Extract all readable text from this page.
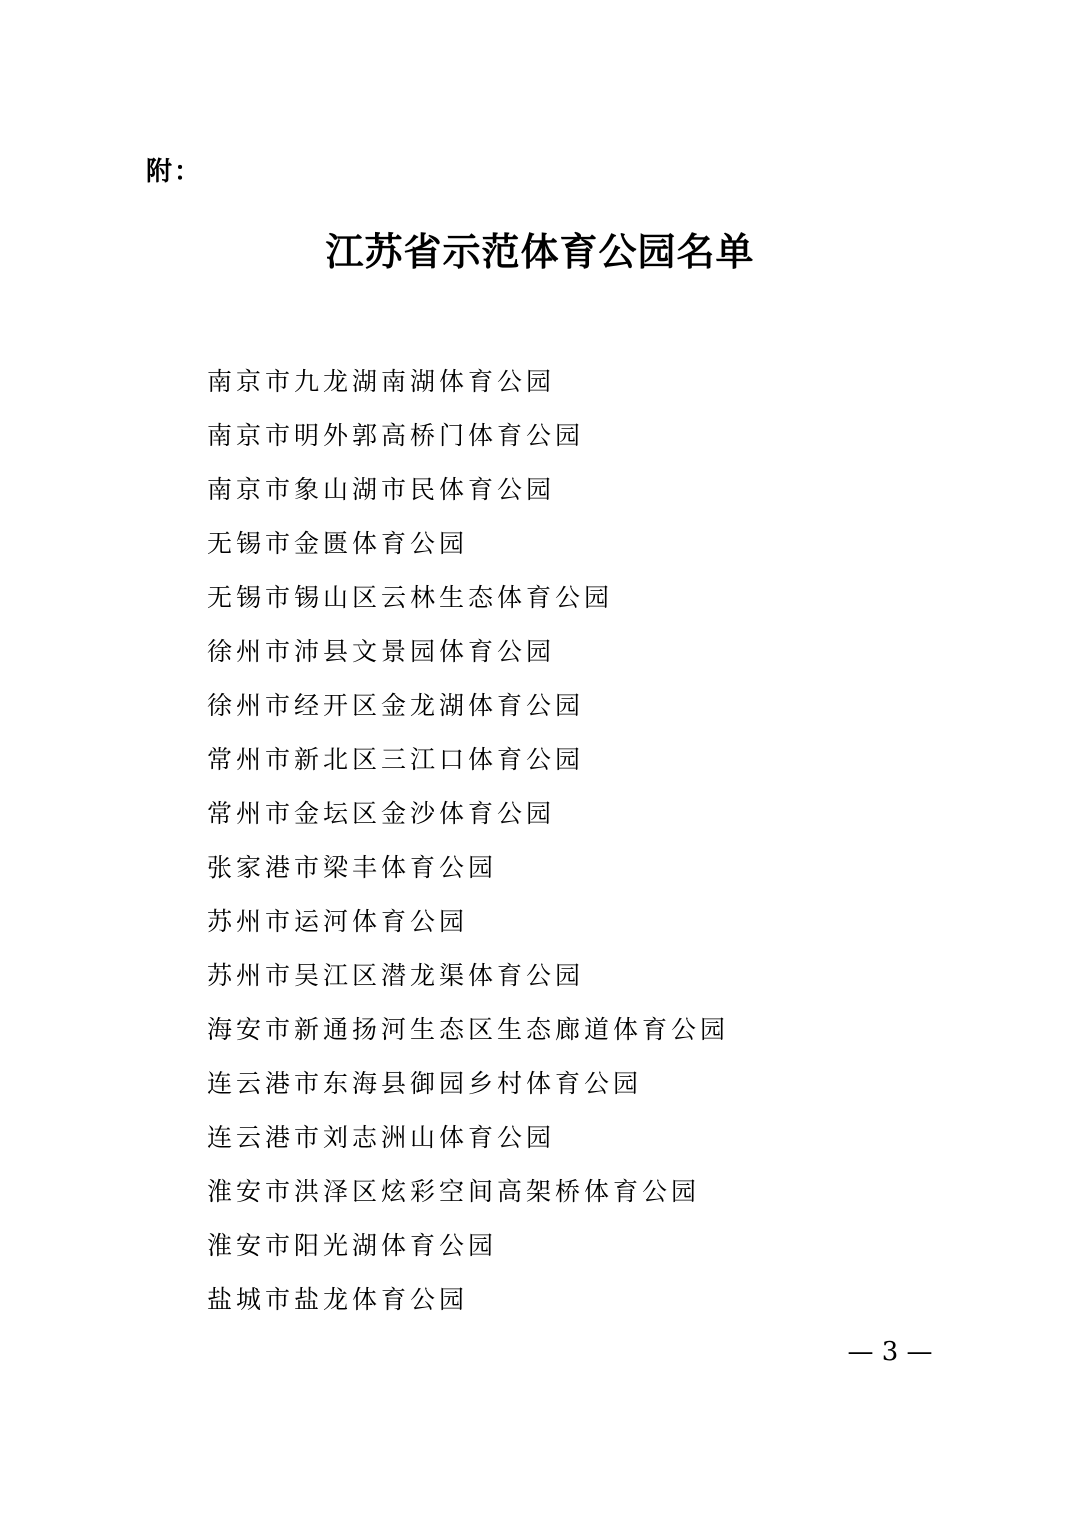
附：
江苏省示范体育公园名单
南京市九龙湖南湖体育公园
南京市明外郭高桥门体育公园
南京市象山湖市民体育公园
无锡市金匮体育公园
无锡市锡山区云林生态体育公园
徐州市沛县文景园体育公园
徐州市经开区金龙湖体育公园
常州市新北区三江口体育公园
常州市金坛区金沙体育公园
张家港市梁丰体育公园
苏州市运河体育公园
苏州市吴江区潜龙渠体育公园
海安市新通扬河生态区生态廊道体育公园
连云港市东海县御园乡村体育公园
连云港市刘志洲山体育公园
淮安市洪泽区炫彩空间高架桥体育公园
淮安市阳光湖体育公园
盐城市盐龙体育公园
— 3 —
